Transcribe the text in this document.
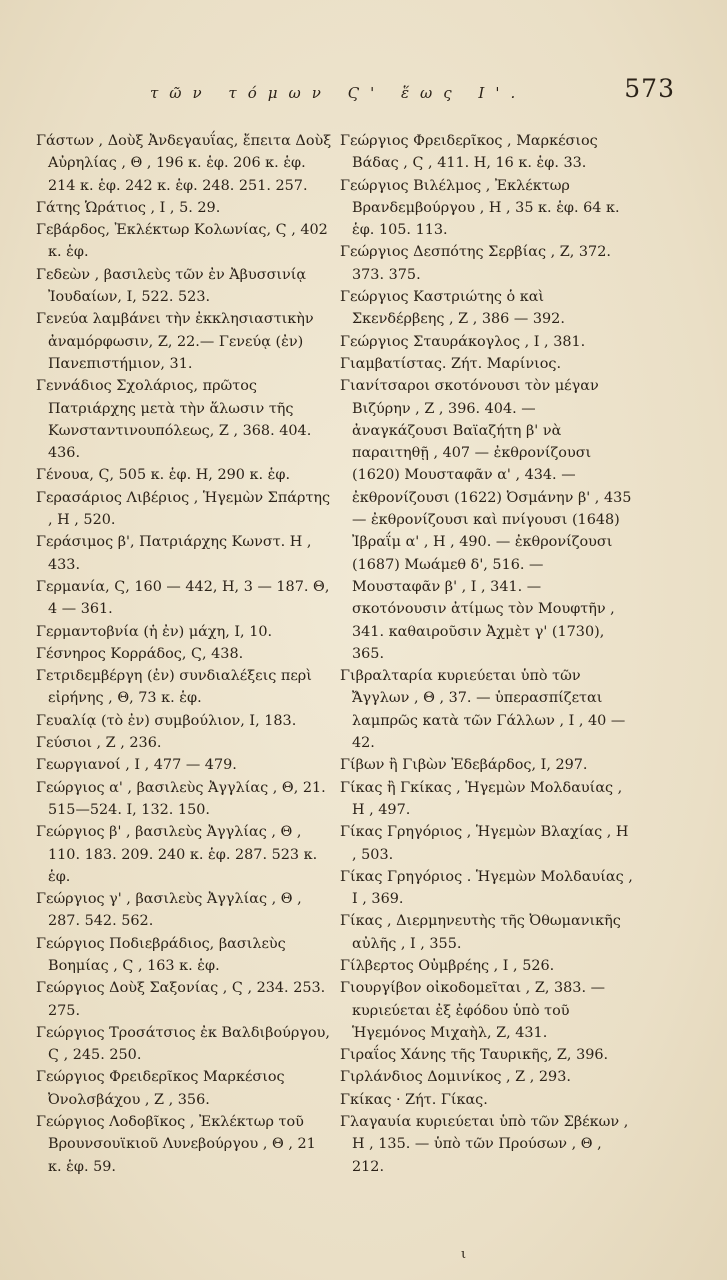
τῶν τόμων Ϛ' ἕως Ι'.	573

Γάστων , Δοὺξ Ἀνδεγαυΐας, ἔπειτα Δοὺξ Αὐρηλίας , Θ , 196 κ. ἑφ. 206 κ. ἑφ. 214 κ. ἑφ. 242 κ. ἑφ. 248. 251. 257.

Γάτης Ὡράτιος , Ι , 5. 29.

Γεβάρδος, Ἐκλέκτωρ Κολωνίας, Ϛ , 402 κ. ἑφ.

Γεδεὼν , βασιλεὺς τῶν ἐν Ἀβυσσινίᾳ Ἰουδαίων, Ι, 522. 523.

Γενεύα λαμβάνει τὴν ἐκκλησιαστικὴν ἀναμόρφωσιν, Ζ, 22.— Γενεύᾳ (ἐν) Πανεπιστήμιον, 31.

Γεννάδιος Σχολάριος, πρῶτος Πατριάρχης μετὰ τὴν ἅλωσιν τῆς Κωνσταντινουπόλεως, Ζ , 368. 404. 436.

Γένουα, Ϛ, 505 κ. ἑφ. Η, 290 κ. ἑφ.

Γερασάριος Λιβέριος , Ἡγεμὼν Σπάρτης , Η , 520.

Γεράσιμος β', Πατριάρχης Κωνστ. Η , 433.

Γερμανία, Ϛ, 160 — 442, Η, 3 — 187. Θ, 4 — 361.

Γερμαντοβνία (ἡ ἐν) μάχη, Ι, 10.

Γέσνηρος Κορράδος, Ϛ, 438.

Γετριδεμβέργη (ἐν) συνδιαλέξεις περὶ εἰρήνης , Θ, 73 κ. ἑφ.

Γευαλίᾳ (τὸ ἐν) συμβούλιον, Ι, 183.

Γεύσιοι , Ζ , 236.

Γεωργιανοί , Ι , 477 — 479.

Γεώργιος α' , βασιλεὺς Ἀγγλίας , Θ, 21. 515—524. Ι, 132. 150.

Γεώργιος β' , βασιλεὺς Ἀγγλίας , Θ , 110. 183. 209. 240 κ. ἑφ. 287. 523 κ. ἑφ.

Γεώργιος γ' , βασιλεὺς Ἀγγλίας , Θ , 287. 542. 562.

Γεώργιος Ποδιεβράδιος, βασιλεὺς Βοημίας , Ϛ , 163 κ. ἑφ.

Γεώργιος Δοὺξ Σαξονίας , Ϛ , 234. 253. 275.

Γεώργιος Τροσάτσιος ἐκ Βαλδιβούργου, Ϛ , 245. 250.

Γεώργιος Φρειδερῖκος Μαρκέσιος Ὀνολσβάχου , Ζ , 356.

Γεώργιος Λοδοβῖκος , Ἐκλέκτωρ τοῦ Βρουνσουϊκιοῦ Λυνεβούργου , Θ , 21 κ. ἑφ. 59.

Γεώργιος Φρειδερῖκος , Μαρκέσιος Βάδας , Ϛ , 411. Η, 16 κ. ἑφ. 33.

Γεώργιος Βιλέλμος , Ἐκλέκτωρ Βρανδεμβούργου , Η , 35 κ. ἑφ. 64 κ. ἑφ. 105. 113.

Γεώργιος Δεσπότης Σερβίας , Ζ, 372. 373. 375.

Γεώργιος Καστριώτης ὁ καὶ Σκενδέρβεης , Ζ , 386 — 392.

Γεώργιος Σταυράκογλος , Ι , 381.

Γιαμβατίστας. Ζήτ. Μαρίνιος.

Γιανίτσαροι σκοτόνουσι τὸν μέγαν Βιζύρην , Ζ , 396. 404. — ἀναγκάζουσι Βαϊαζήτη β' νὰ παραιτηθῇ , 407 — ἐκθρονίζουσι (1620) Μουσταφᾶν α' , 434. — ἐκθρονίζουσι (1622) Ὀσμάνην β' , 435 — ἐκθρονίζουσι καὶ πνίγουσι (1648) Ἰβραΐμ α' , Η , 490. — ἐκθρονίζουσι (1687) Μωάμεθ δ', 516. — Μουσταφᾶν β' , Ι , 341. — σκοτόνουσιν ἀτίμως τὸν Μουφτῆν , 341. καθαιροῦσιν Ἀχμὲτ γ' (1730), 365.

Γιβραλταρία κυριεύεται ὑπὸ τῶν Ἄγγλων , Θ , 37. — ὑπερασπίζεται λαμπρῶς κατὰ τῶν Γάλλων , Ι , 40 — 42.

Γίβων ἢ Γιβὼν Ἐδεβάρδος, Ι, 297.

Γίκας ἢ Γκίκας , Ἡγεμὼν Μολδαυίας , Η , 497.

Γίκας Γρηγόριος , Ἡγεμὼν Βλαχίας , Η , 503.

Γίκας Γρηγόριος . Ἡγεμὼν Μολδαυίας , Ι , 369.

Γίκας , Διερμηνευτὴς τῆς Ὀθωμανικῆς αὐλῆς , Ι , 355.

Γίλβερτος Οὐμβρέης , Ι , 526.

Γιουργίβον οἰκοδομεῖται , Ζ, 383. — κυριεύεται ἐξ ἐφόδου ὑπὸ τοῦ Ἡγεμόνος Μιχαὴλ, Ζ, 431.

Γιραΐος Χάνης τῆς Ταυρικῆς, Ζ, 396.

Γιρλάνδιος Δομινίκος , Ζ , 293.

Γκίκας · Ζήτ. Γίκας.

Γλαγαυία κυριεύεται ὑπὸ τῶν Σβέκων , Η , 135. — ὑπὸ τῶν Προύσων , Θ , 212.

ι
